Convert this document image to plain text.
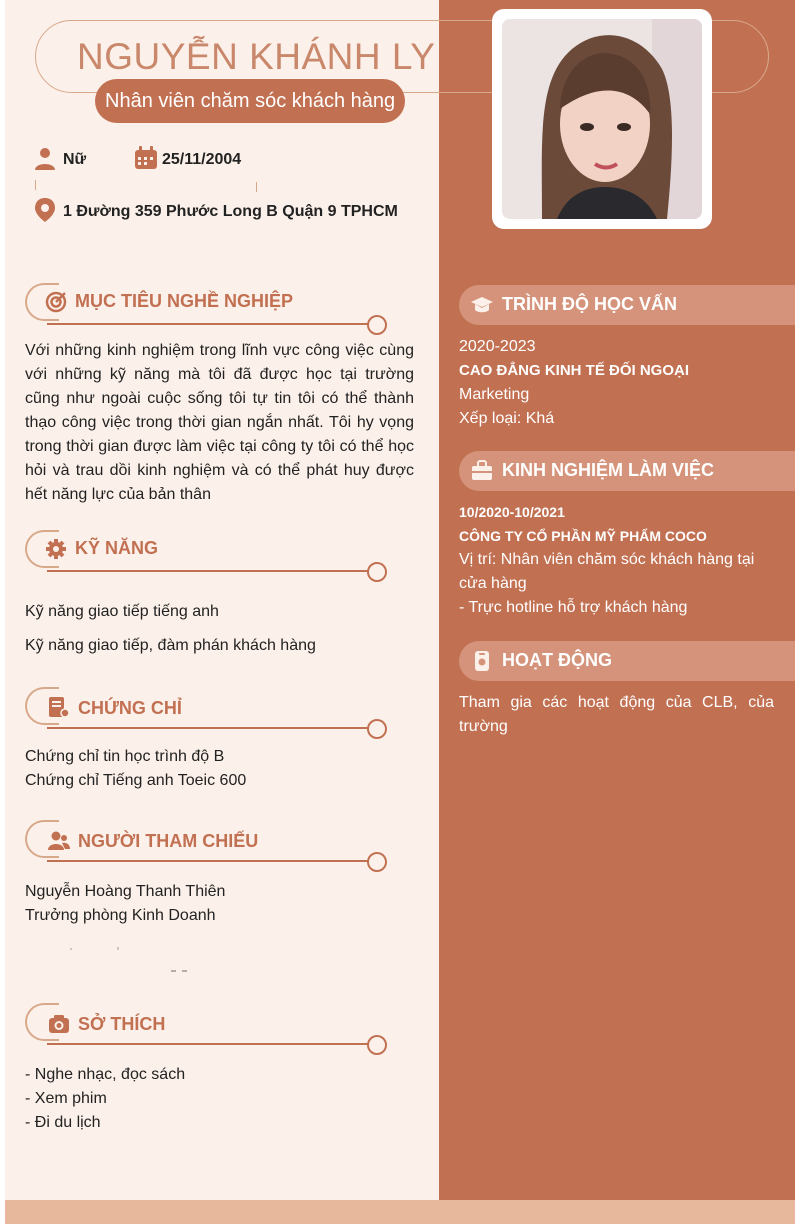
NGUYỄN KHÁNH LY
Nhân viên chăm sóc khách hàng
Nữ	25/11/2004
1 Đường 359 Phước Long B Quận 9 TPHCM
MỤC TIÊU NGHỀ NGHIỆP
Với những kinh nghiệm trong lĩnh vực công việc cùng với những kỹ năng mà tôi đã được học tại trường cũng như ngoài cuộc sống tôi tự tin tôi có thể thành thạo công việc trong thời gian ngắn nhất. Tôi hy vọng trong thời gian được làm việc tại công ty tôi có thể học hỏi và trau dồi kinh nghiệm và có thể phát huy được hết năng lực của bản thân
KỸ NĂNG
Kỹ năng giao tiếp tiếng anh
Kỹ năng giao tiếp, đàm phán khách hàng
CHỨNG CHỈ
Chứng chỉ tin học trình độ B
Chứng chỉ Tiếng anh Toeic 600
NGƯỜI THAM CHIẾU
Nguyễn Hoàng Thanh Thiên
Trưởng phòng Kinh Doanh
SỞ THÍCH
- Nghe nhạc, đọc sách
- Xem phim
- Đi du lịch
TRÌNH ĐỘ HỌC VẤN
2020-2023
CAO ĐẲNG KINH TẾ ĐỐI NGOẠI
Marketing
Xếp loại: Khá
KINH NGHIỆM LÀM VIỆC
10/2020-10/2021
CÔNG TY CỔ PHẦN MỸ PHẨM COCO
Vị trí: Nhân viên chăm sóc khách hàng tại cửa hàng
- Trực hotline hỗ trợ khách hàng
HOẠT ĐỘNG
Tham gia các hoạt động của CLB, của trường
